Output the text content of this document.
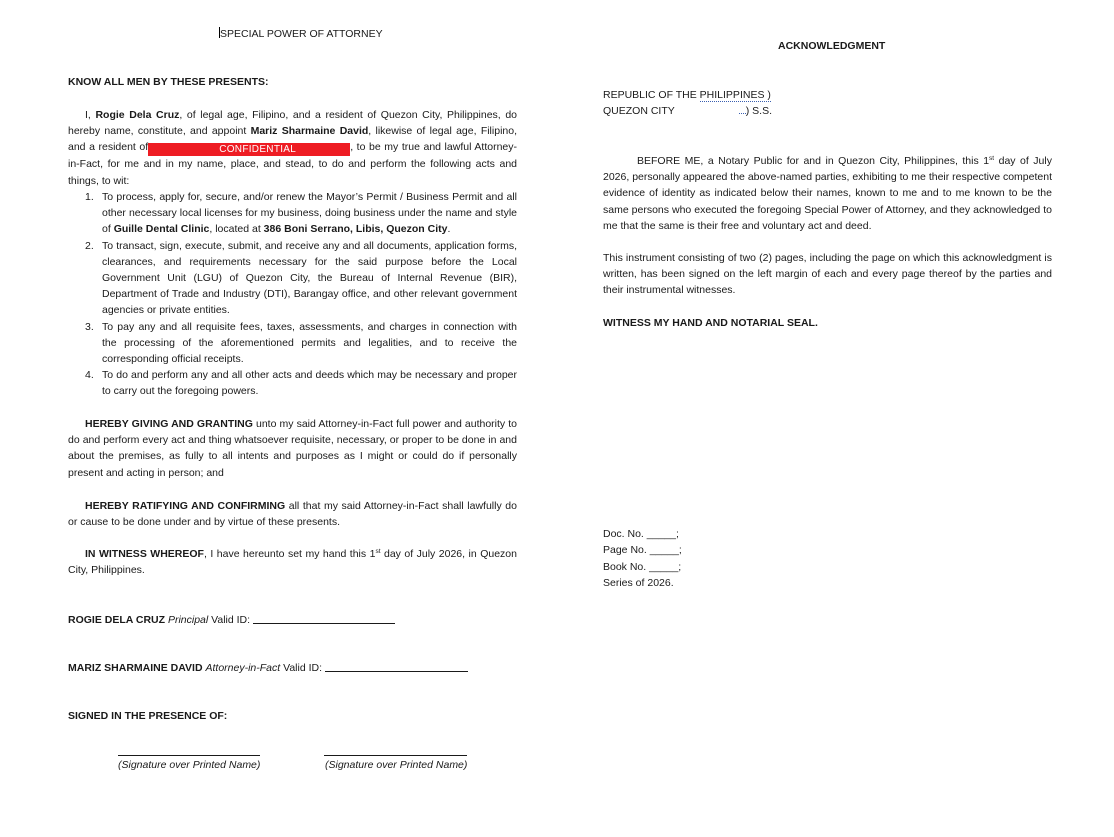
SPECIAL POWER OF ATTORNEY
KNOW ALL MEN BY THESE PRESENTS:

I, Rogie Dela Cruz, of legal age, Filipino, and a resident of Quezon City, Philippines, do hereby name, constitute, and appoint Mariz Sharmaine David, likewise of legal age, Filipino, and a resident of	CONFIDENTIAL	, to be my true and lawful Attorney-in-Fact, for me and in my name, place, and stead, to do and perform the following acts and things, to wit:

1. To process, apply for, secure, and/or renew the Mayor’s Permit / Business Permit and all other necessary local licenses for my business, doing business under the name and style of Guille Dental Clinic, located at 386 Boni Serrano, Libis, Quezon City.
2. To transact, sign, execute, submit, and receive any and all documents, application forms, clearances, and requirements necessary for the said purpose before the Local Government Unit (LGU) of Quezon City, the Bureau of Internal Revenue (BIR), Department of Trade and Industry (DTI), Barangay office, and other relevant government agencies or private entities.
3. To pay any and all requisite fees, taxes, assessments, and charges in connection with the processing of the aforementioned permits and legalities, and to receive the corresponding official receipts.
4. To do and perform any and all other acts and deeds which may be necessary and proper to carry out the foregoing powers.

HEREBY GIVING AND GRANTING unto my said Attorney-in-Fact full power and authority to do and perform every act and thing whatsoever requisite, necessary, or proper to be done in and about the premises, as fully to all intents and purposes as I might or could do if personally present and acting in person; and

HEREBY RATIFYING AND CONFIRMING all that my said Attorney-in-Fact shall lawfully do or cause to be done under and by virtue of these presents.

IN WITNESS WHEREOF, I have hereunto set my hand this 1st day of July 2026, in Quezon City, Philippines.

ROGIE DELA CRUZ Principal Valid ID:
MARIZ SHARMAINE DAVID Attorney-in-Fact Valid ID:
SIGNED IN THE PRESENCE OF:
(Signature over Printed Name)	(Signature over Printed Name)
ACKNOWLEDGMENT
REPUBLIC OF THE PHILIPPINES )
QUEZON CITY	) S.S.

BEFORE ME, a Notary Public for and in Quezon City, Philippines, this 1st day of July 2026, personally appeared the above-named parties, exhibiting to me their respective competent evidence of identity as indicated below their names, known to me and to me known to be the same persons who executed the foregoing Special Power of Attorney, and they acknowledged to me that the same is their free and voluntary act and deed.

This instrument consisting of two (2) pages, including the page on which this acknowledgment is written, has been signed on the left margin of each and every page thereof by the parties and their instrumental witnesses.

WITNESS MY HAND AND NOTARIAL SEAL.
Doc. No. _____;
Page No. _____;
Book No. _____;
Series of 2026.
